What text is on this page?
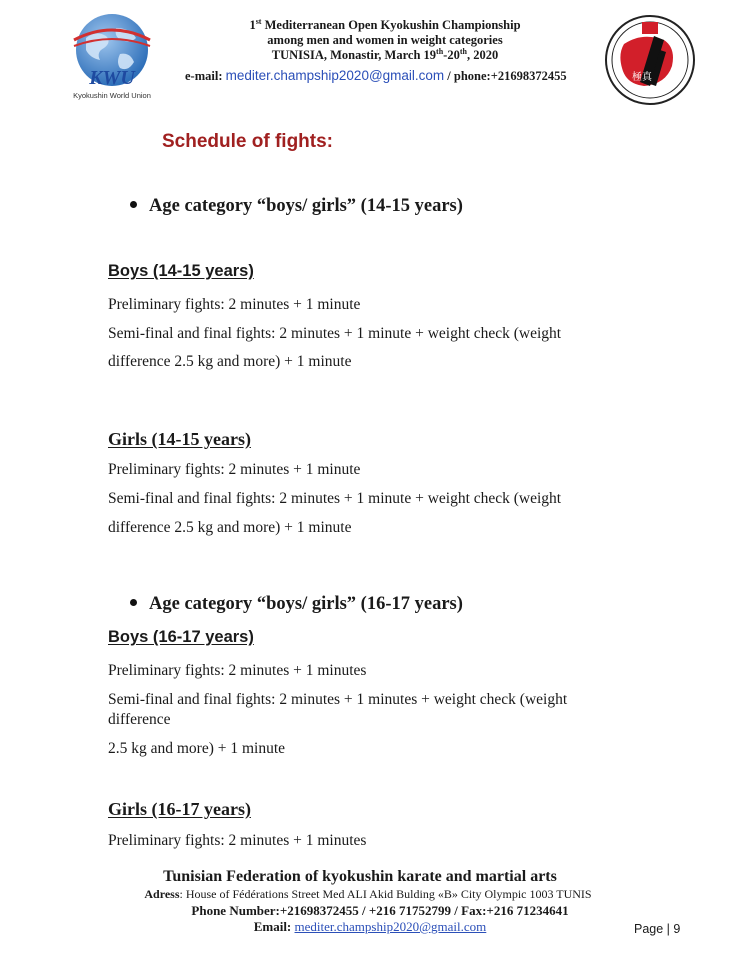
KWU
Kyokushin World Union
極真
1st Mediterranean Open Kyokushin Championship
among men and women in weight categories
TUNISIA, Monastir, March 19th-20th, 2020
e-mail: mediter.champship2020@gmail.com / phone:+21698372455
Schedule of fights:
Age category “boys/ girls” (14-15 years)
Boys (14-15 years)
Preliminary fights: 2 minutes + 1 minute
Semi-final and final fights: 2 minutes + 1 minute + weight check (weight
difference 2.5 kg and more) + 1 minute
Girls (14-15 years)
Preliminary fights: 2 minutes + 1 minute
Semi-final and final fights: 2 minutes + 1 minute + weight check (weight
difference 2.5 kg and more) + 1 minute
Age category “boys/ girls” (16-17 years)
Boys (16-17 years)
Preliminary fights: 2 minutes + 1 minutes
Semi-final and final fights: 2 minutes + 1 minutes + weight check (weight
difference
2.5 kg and more) + 1 minute
Girls (16-17 years)
Preliminary fights: 2 minutes + 1 minutes
Tunisian Federation of kyokushin karate and martial arts
Adress: House of Fédérations Street Med ALI Akid Bulding «B» City Olympic 1003 TUNIS
Phone Number:+21698372455 / +216 71752799 / Fax:+216 71234641
Email: mediter.champship2020@gmail.com	Page | 9
